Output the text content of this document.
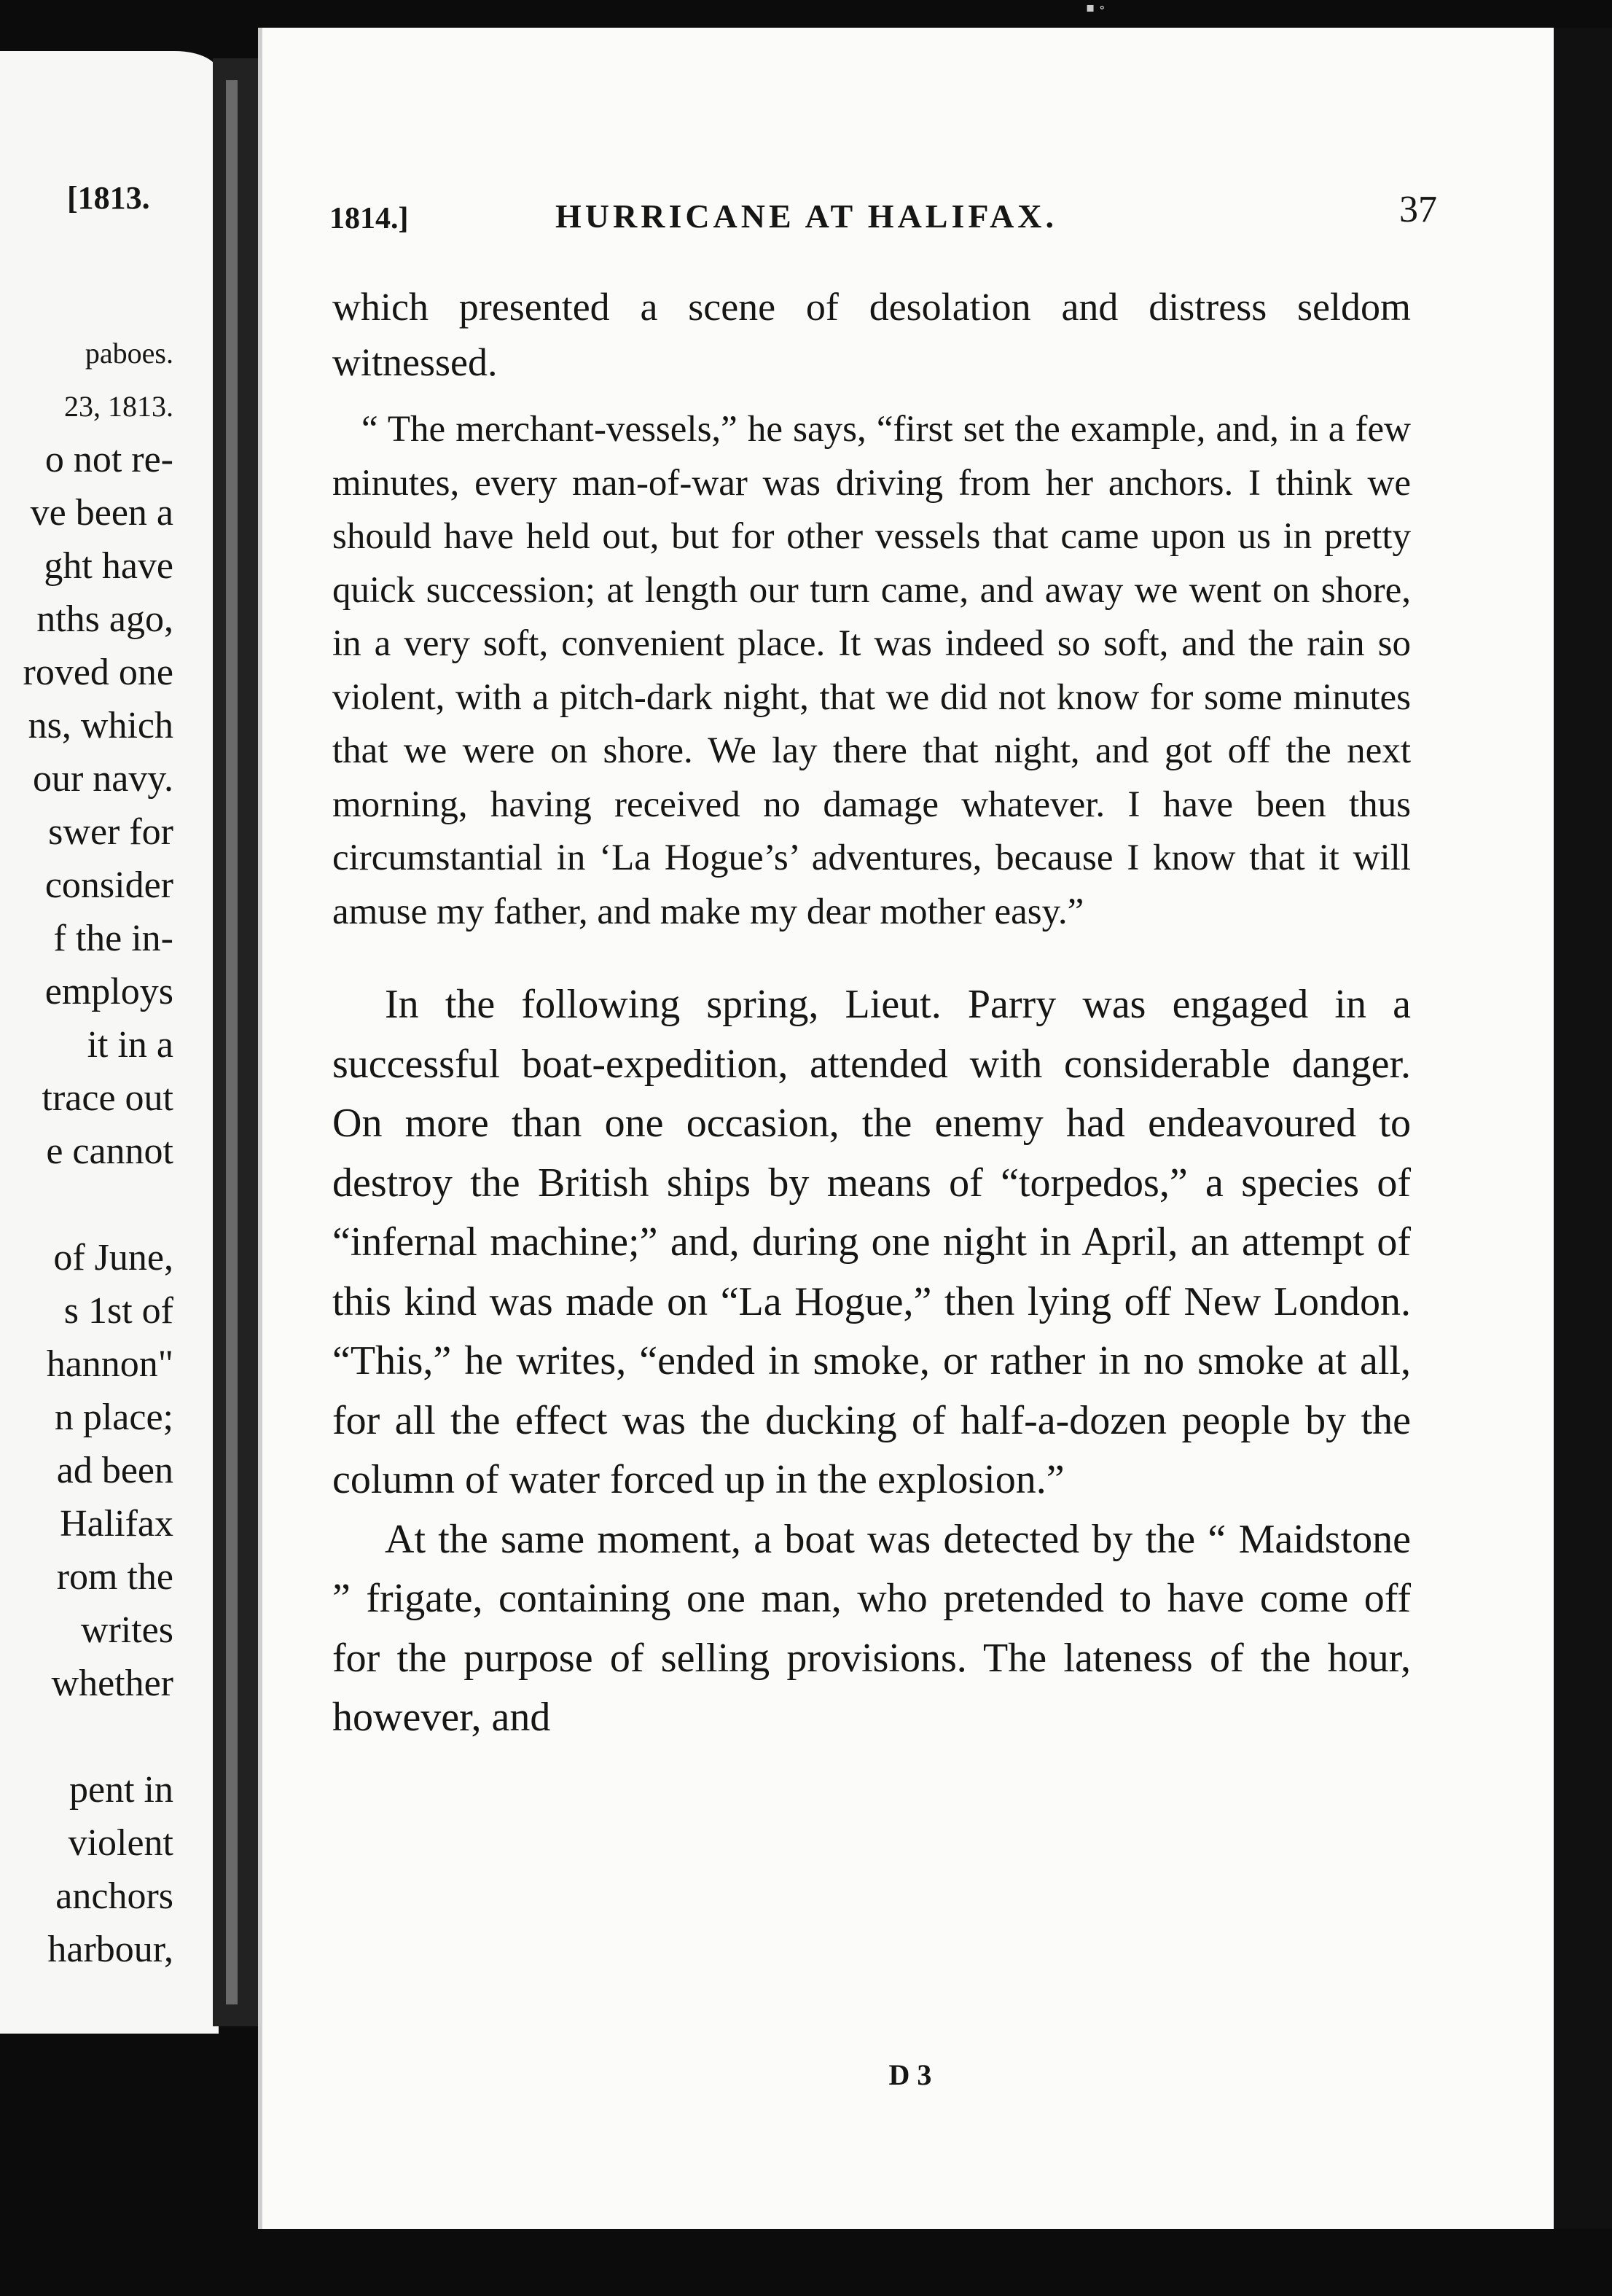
▪ ∘
[1813.
paboes.
23, 1813.
o not re-
ve been a
ght have
nths ago,
roved one
ns, which
our navy.
swer for
consider
f the in-
employs
it in a
trace out
e cannot
of June,
s 1st of
hannon"
n place;
ad been
Halifax
rom the
writes
whether
pent in
violent
anchors
harbour,
1814.]	HURRICANE AT HALIFAX.	37

which presented a scene of desolation and distress seldom witnessed.

“ The merchant-vessels,” he says, “first set the example, and, in a few minutes, every man-of-war was driving from her anchors. I think we should have held out, but for other vessels that came upon us in pretty quick succession; at length our turn came, and away we went on shore, in a very soft, convenient place. It was indeed so soft, and the rain so violent, with a pitch-dark night, that we did not know for some minutes that we were on shore. We lay there that night, and got off the next morning, having received no damage whatever. I have been thus circumstantial in ‘La Hogue’s’ adventures, because I know that it will amuse my father, and make my dear mother easy.”

In the following spring, Lieut. Parry was engaged in a successful boat-expedition, attended with considerable danger. On more than one occasion, the enemy had endeavoured to destroy the British ships by means of “torpedos,” a species of “infernal machine;” and, during one night in April, an attempt of this kind was made on “La Hogue,” then lying off New London. “This,” he writes, “ended in smoke, or rather in no smoke at all, for all the effect was the ducking of half-a-dozen people by the column of water forced up in the explosion.”

At the same moment, a boat was detected by the “ Maidstone ” frigate, containing one man, who pretended to have come off for the purpose of selling provisions. The lateness of the hour, however, and

D 3
